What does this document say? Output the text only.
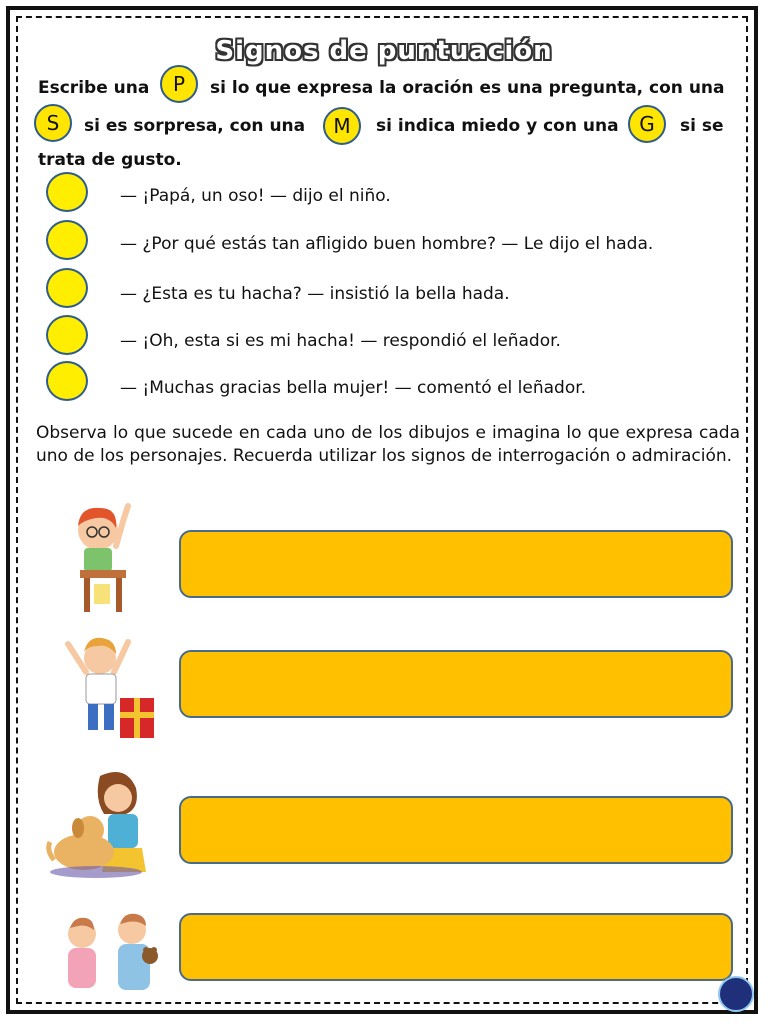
Signos de puntuación
Escribe una	P	si lo que expresa la oración es una pregunta, con una
S	si es sorpresa, con una	M	si indica miedo y con una	G	si se
trata de gusto.
— ¡Papá, un oso! — dijo el niño.
— ¿Por qué estás tan afligido buen hombre? — Le dijo el hada.
— ¿Esta es tu hacha? — insistió la bella hada.
— ¡Oh, esta si es mi hacha! — respondió el leñador.
— ¡Muchas gracias bella mujer! — comentó el leñador.
Observa lo que sucede en cada uno de los dibujos e imagina lo que expresa cada uno de los personajes. Recuerda utilizar los signos de interrogación o admiración.
